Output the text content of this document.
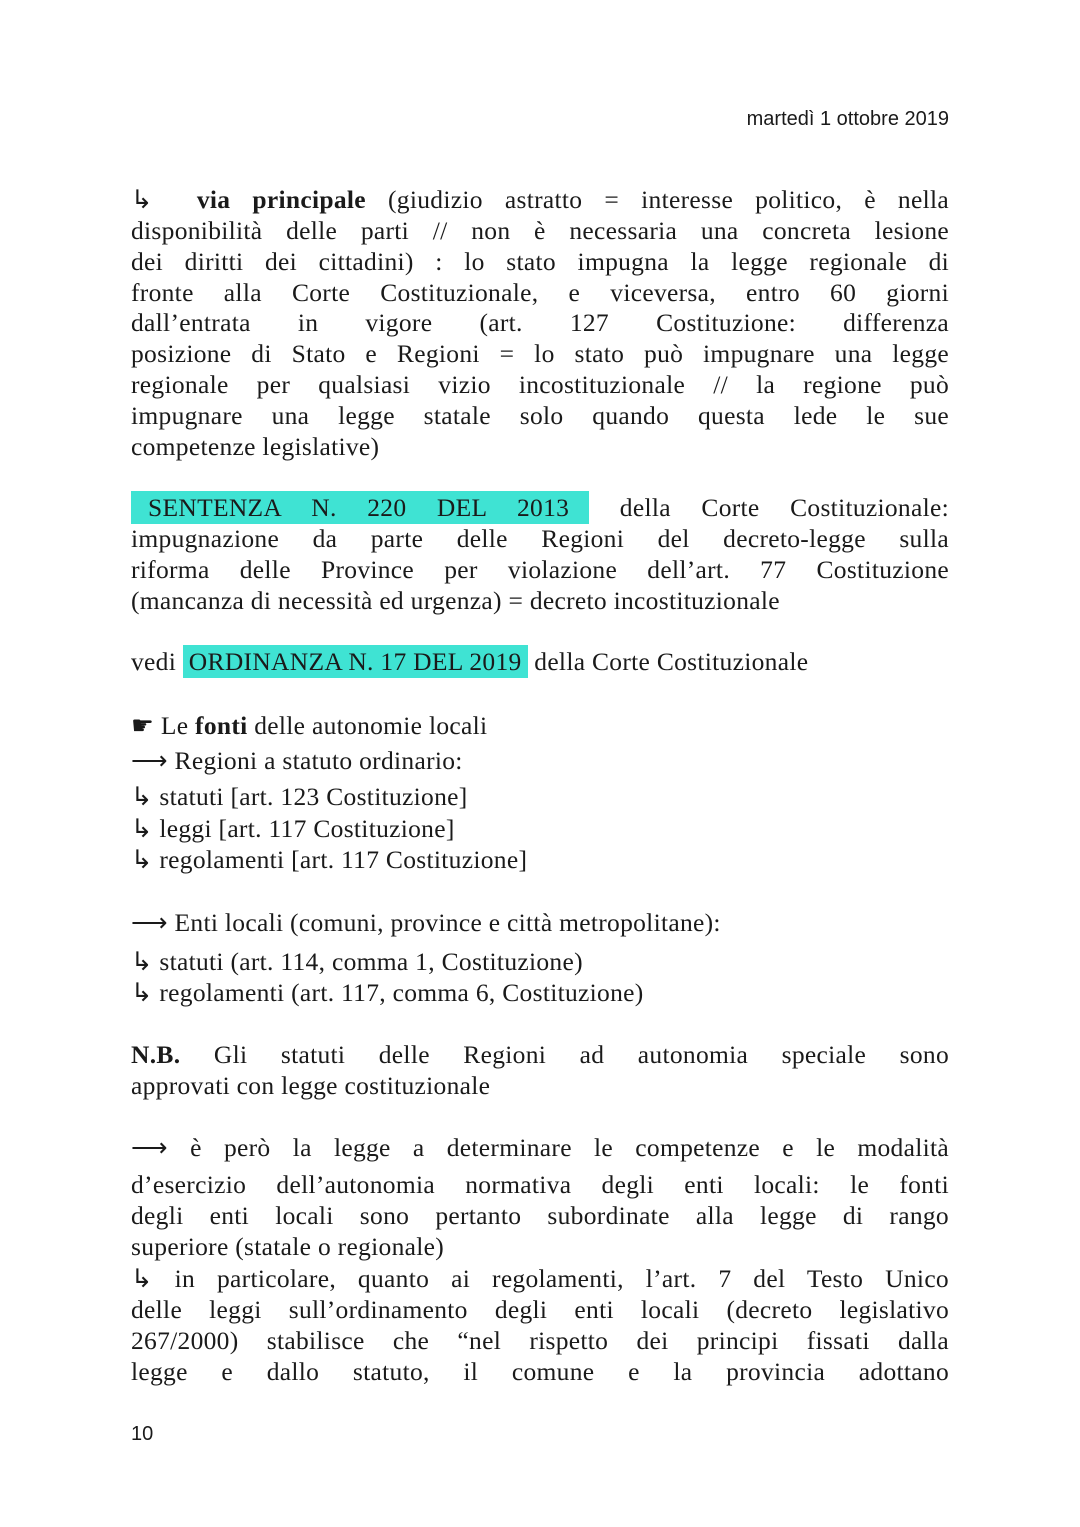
martedì 1 ottobre 2019
↳ via principale (giudizio astratto = interesse politico, è nella
disponibilità delle parti // non è necessaria una concreta lesione
dei diritti dei cittadini) : lo stato impugna la legge regionale di
fronte alla Corte Costituzionale, e viceversa, entro 60 giorni
dall’entrata in vigore (art. 127 Costituzione: differenza
posizione di Stato e Regioni = lo stato può impugnare una legge
regionale per qualsiasi vizio incostituzionale // la regione può
impugnare una legge statale solo quando questa lede le sue
competenze legislative)
SENTENZA N. 220 DEL 2013 della Corte Costituzionale:
impugnazione da parte delle Regioni del decreto-legge sulla
riforma delle Province per violazione dell’art. 77 Costituzione
(mancanza di necessità ed urgenza) = decreto incostituzionale
vedi ORDINANZA N. 17 DEL 2019 della Corte Costituzionale
☛ Le fonti delle autonomie locali
⟶ Regioni a statuto ordinario:
↳ statuti [art. 123 Costituzione]
↳ leggi [art. 117 Costituzione]
↳ regolamenti [art. 117 Costituzione]
⟶ Enti locali (comuni, province e città metropolitane):
↳ statuti (art. 114, comma 1, Costituzione)
↳ regolamenti (art. 117, comma 6, Costituzione)
N.B. Gli statuti delle Regioni ad autonomia speciale sono
approvati con legge costituzionale
⟶ è però la legge a determinare le competenze e le modalità
d’esercizio dell’autonomia normativa degli enti locali: le fonti
degli enti locali sono pertanto subordinate alla legge di rango
superiore (statale o regionale)
↳ in particolare, quanto ai regolamenti, l’art. 7 del Testo Unico
delle leggi sull’ordinamento degli enti locali (decreto legislativo
267/2000) stabilisce che “nel rispetto dei principi fissati dalla
legge e dallo statuto, il comune e la provincia adottano
10
